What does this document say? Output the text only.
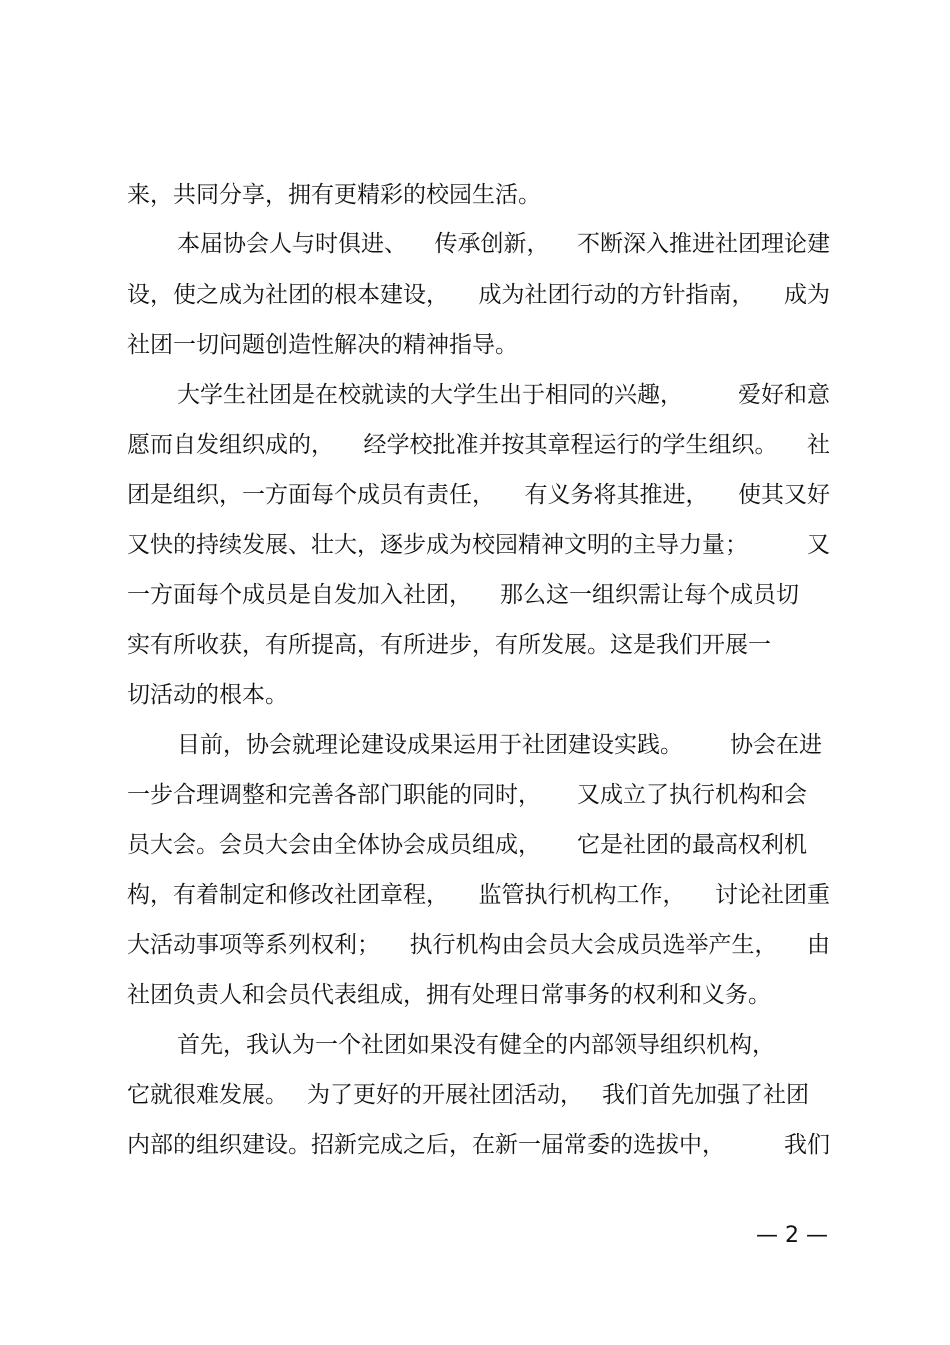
来，共同分享，拥有更精彩的校园生活。

本届协会人与时俱进、 传承创新， 不断深入推进社团理论建
设，使之成为社团的根本建设， 成为社团行动的方针指南， 成为

社团一切问题创造性解决的精神指导。

大学生社团是在校就读的大学生出于相同的兴趣， 爱好和意
愿而自发组织成的， 经学校批准并按其章程运行的学生组织。 社
团是组织，一方面每个成员有责任， 有义务将其推进， 使其又好
又快的持续发展、壮大，逐步成为校园精神文明的主导力量；	又
一方面每个成员是自发加入社团， 那么这一组织需让每个成员切

实有所收获，有所提高，有所进步，有所发展。这是我们开展一

切活动的根本。

目前，协会就理论建设成果运用于社团建设实践。 协会在进
一步合理调整和完善各部门职能的同时， 又成立了执行机构和会
员大会。会员大会由全体协会成员组成， 它是社团的最高权利机
构，有着制定和修改社团章程， 监管执行机构工作， 讨论社团重
大活动事项等系列权利； 执行机构由会员大会成员选举产生， 由

社团负责人和会员代表组成，拥有处理日常事务的权利和义务。

首先，我认为一个社团如果没有健全的内部领导组织机构，

它就很难发展。 为了更好的开展社团活动， 我们首先加强了社团
内部的组织建设。招新完成之后，在新一届常委的选拔中，	我们
— 2 —
